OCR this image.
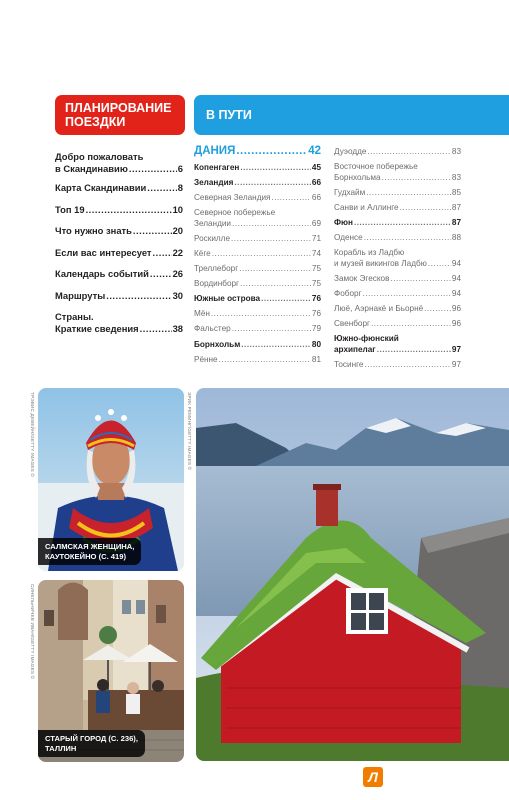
ПЛАНИРОВАНИЕ
ПОЕЗДКИ	В ПУТИ
Добро пожаловать
в Скандинавию .....	6
Карта Скандинавии .....	8
Топ 19 .....	10
Что нужно знать .....	20
Если вас интересует ..... 22
Календарь событий .....	26
Маршруты .....	30
Страны.
Краткие сведения .....	38
ДАНИЯ .....	42
Копенгаген .....	45
Зеландия .....	66
Северная Зеландия .....	66
Северное побережье
Зеландии .....	69
Роскилле .....	71
Кёге .....	74
Треллеборг .....	75
Вординборг .....	75
Южные острова .....	76
Мён .....	76
Фальстер .....	79
Борнхольм .....	80
Рённе .....	81
Дуэодде .....	83
Восточное побережье
Борнхольма .....	83
Гудхайм .....	85
Санви и Аллинге .....	87
Фюн .....	87
Оденсе .....	88
Корабль из Ладбю
и музей викингов Ладбю .....	94
Замок Эгесков .....	94
Фоборг .....	94
Люё, Аэрнакё и Бьорнё .....	96
Свенборг .....	96
Южно-фюнский
архипелаг .....	97
Тосинге .....	97
САЛМСКАЯ ЖЕНЩИНА,
КАУТОКЕЙНО (С. 419)
ТРЭВИС ДЕВЕЙН/GETTY IMAGES ©
СТАРЫЙ ГОРОД (С. 236),
ТАЛЛИН
СИНЕЛЬНИЧЕВ ИВАН/GETTY IMAGES ©
ЭРИК РЕМИНГ/GETTY IMAGES ©
Л
